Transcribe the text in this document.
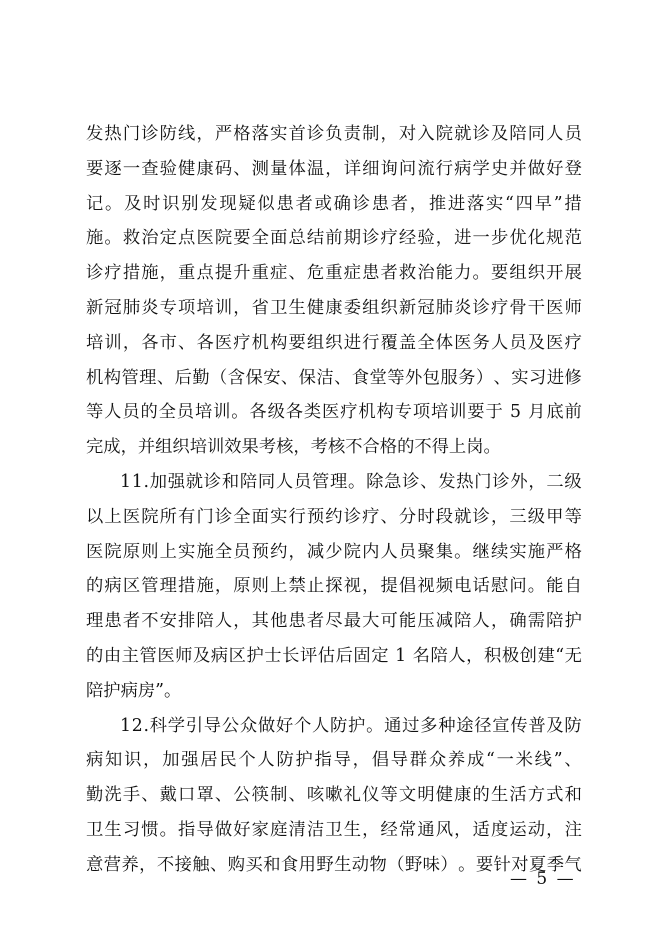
发 热 门 诊 防 线 ， 严 格 落 实 首 诊 负 责 制 ， 对 入 院 就 诊 及 陪 同 人 员
要 逐 一 查 验 健 康 码 、 测 量 体 温 ， 详 细 询 问 流 行 病 学 史 并 做 好 登
记 。 及 时 识 别 发 现 疑 似 患 者 或 确 诊 患 者 ， 推 进 落 实 “ 四 早 ” 措
施 。 救 治 定 点 医 院 要 全 面 总 结 前 期 诊 疗 经 验 ， 进 一 步 优 化 规 范
诊 疗 措 施 ， 重 点 提 升 重 症 、 危 重 症 患 者 救 治 能 力 。 要 组 织 开 展
新 冠 肺 炎 专 项 培 训 ， 省 卫 生 健 康 委 组 织 新 冠 肺 炎 诊 疗 骨 干 医 师
培 训 ， 各 市 、 各 医 疗 机 构 要 组 织 进 行 覆 盖 全 体 医 务 人 员 及 医 疗
机 构 管 理 、 后 勤 （ 含 保 安 、 保 洁 、 食 堂 等 外 包 服 务 ） 、 实 习 进 修
等 人 员 的 全 员 培 训 。 各 级 各 类 医 疗 机 构 专 项 培 训 要 于
5
月 底 前
完成，并组织培训效果考核，考核不合格的不得上岗。
1 1 . 加 强 就 诊 和 陪 同 人 员 管 理 。 除 急 诊 、 发 热 门 诊 外 ， 二 级
以 上 医 院 所 有 门 诊 全 面 实 行 预 约 诊 疗 、 分 时 段 就 诊 ， 三 级 甲 等
医 院 原 则 上 实 施 全 员 预 约 ， 减 少 院 内 人 员 聚 集 。 继 续 实 施 严 格
的 病 区 管 理 措 施 ， 原 则 上 禁 止 探 视 ， 提 倡 视 频 电 话 慰 问 。 能 自
理 患 者 不 安 排 陪 人 ， 其 他 患 者 尽 最 大 可 能 压 减 陪 人 ， 确 需 陪 护
的 由 主 管 医 师 及 病 区 护 士 长 评 估 后 固 定
1
名 陪 人 ， 积 极 创 建 “ 无
陪护病房”。
1 2 . 科 学 引 导 公 众 做 好 个 人 防 护 。 通 过 多 种 途 径 宣 传 普 及 防
病 知 识 ， 加 强 居 民 个 人 防 护 指 导 ， 倡 导 群 众 养 成 “ 一 米 线 ” 、
勤 洗 手 、 戴 口 罩 、 公 筷 制 、 咳 嗽 礼 仪 等 文 明 健 康 的 生 活 方 式 和
卫 生 习 惯 。 指 导 做 好 家 庭 清 洁 卫 生 ， 经 常 通 风 ， 适 度 运 动 ， 注
意 营 养 ， 不 接 触 、 购 买 和 食 用 野 生 动 物 （ 野 味 ） 。 要 针 对 夏 季 气
— 5 —
